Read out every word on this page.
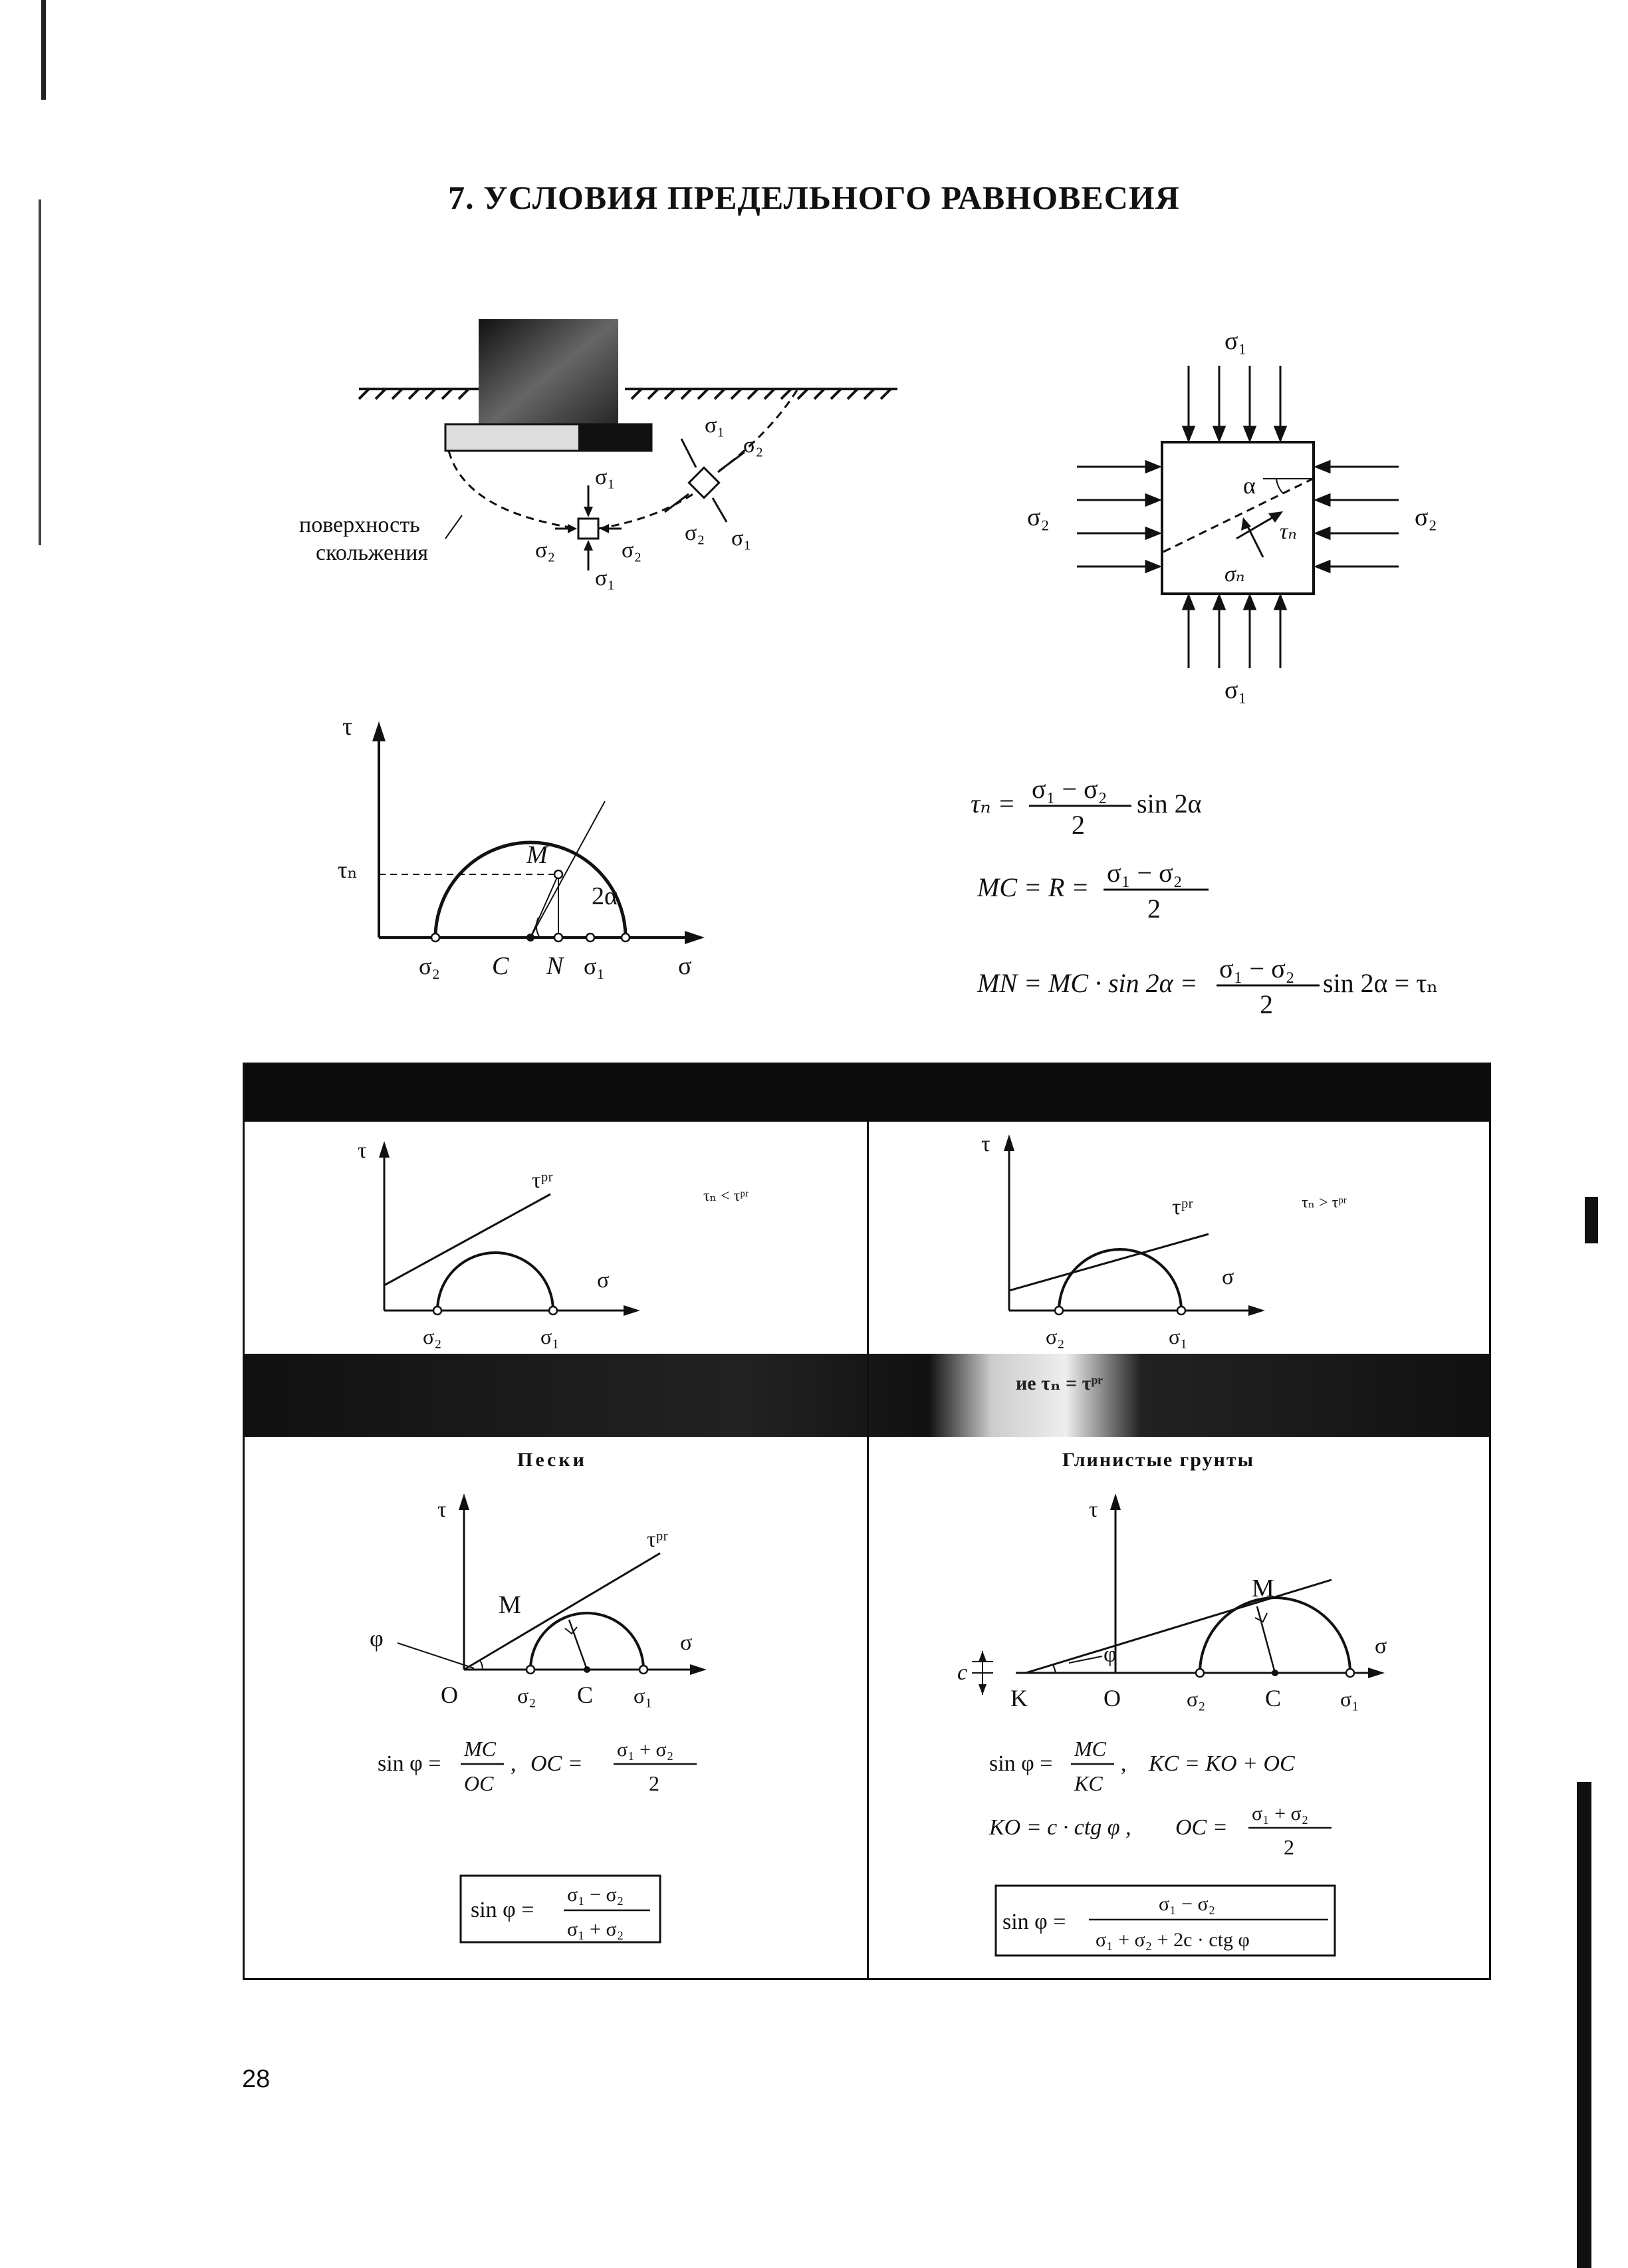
7. УСЛОВИЯ ПРЕДЕЛЬНОГО РАВНОВЕСИЯ
поверхность
скольжения
σ₁
σ₁
σ₂	σ₂
σ₁
σ₂
σ₂ σ₁
σ₁
σ₁
σ₂	σ₂
α
τₙ
σₙ
τ
τₙ
M
2α
σ₂ C N σ₁	σ
τₙ = σ₁ − σ₂
2
sin 2α
MC = R = σ₁ − σ₂
2
MN = MC · sin 2α = σ₁ − σ₂
2
sin 2α = τₙ
ие τₙ = τᵖʳ
τ
τᵖʳ
σ
σ₂	σ₁
τₙ < τᵖʳ
τ
τᵖʳ
σ
σ₂	σ₁
τₙ > τᵖʳ
Пески
τ
τᵖʳ
M
φ	σ
O	σ₂ C σ₁
sin φ =
MC
OC
, OC =
σ₁ + σ₂
2
sin φ =
σ₁ − σ₂
σ₁ + σ₂
Глинистые грунты
τ
M
φ	σ
c
K	O	σ₂ C	σ₁
sin φ =
MC
KC
, KC = KO + OC
KO = c · ctg φ , OC =
σ₁ + σ₂
2
sin φ =
σ₁ − σ₂
σ₁ + σ₂ + 2c · ctg φ
28
